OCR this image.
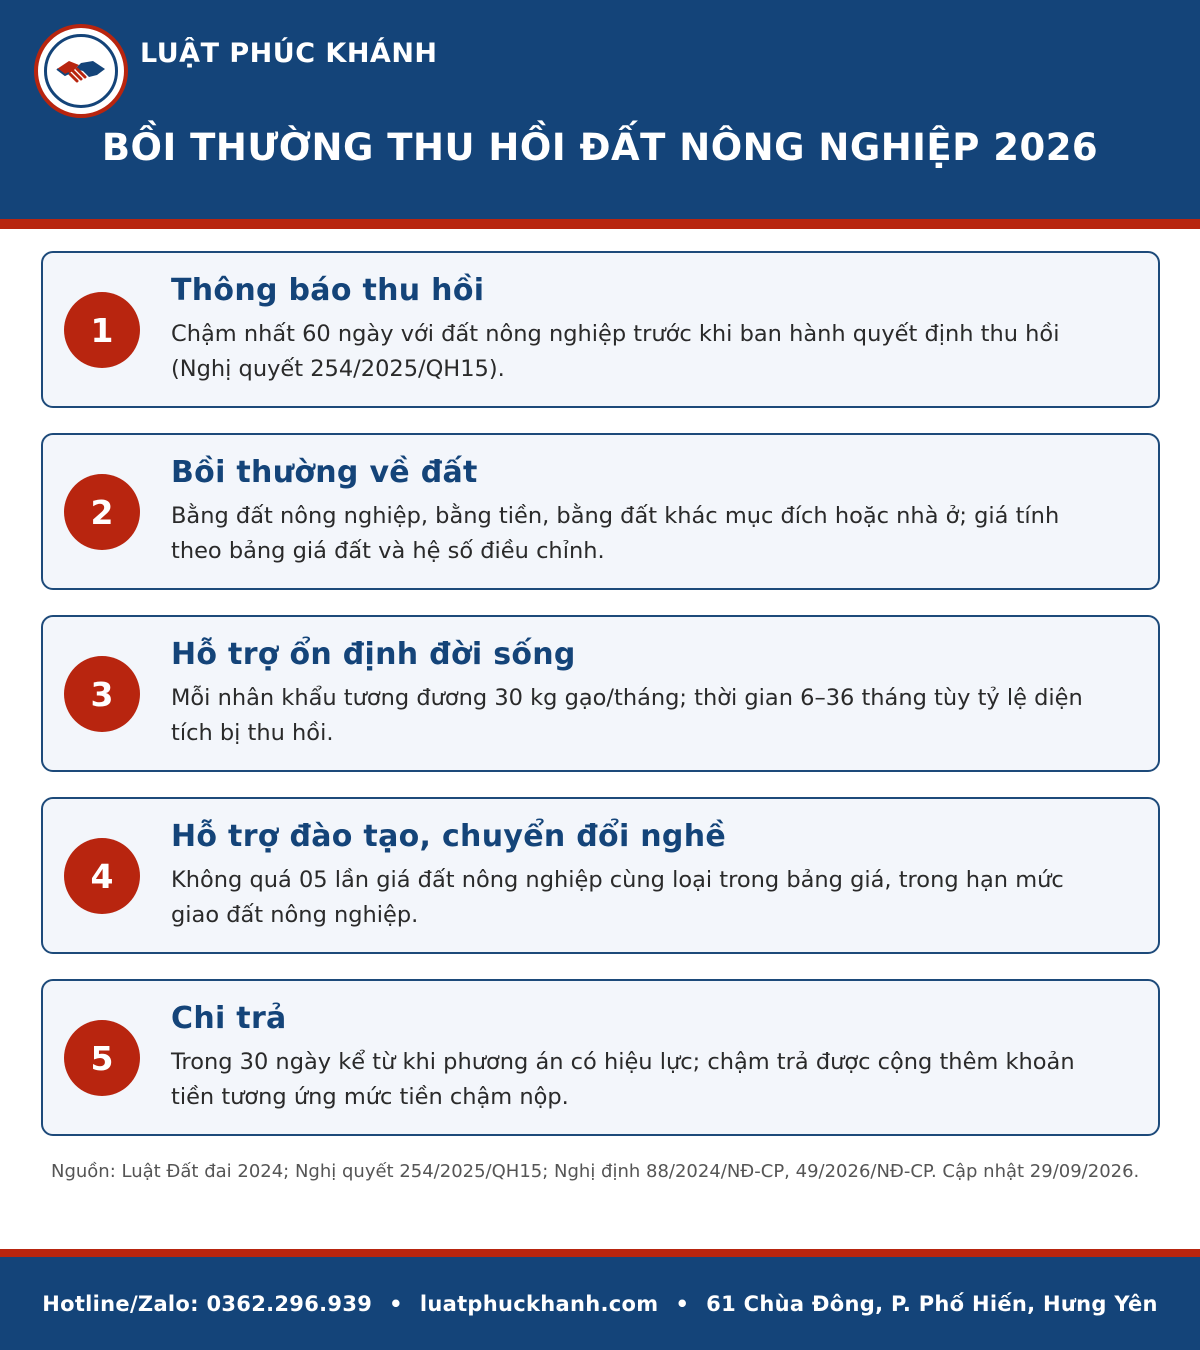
LUẬT PHÚC KHÁNH
BỒI THƯỜNG THU HỒI ĐẤT NÔNG NGHIỆP 2026
1
Thông báo thu hồi
Chậm nhất 60 ngày với đất nông nghiệp trước khi ban hành quyết định thu hồi (Nghị quyết 254/2025/QH15).
2
Bồi thường về đất
Bằng đất nông nghiệp, bằng tiền, bằng đất khác mục đích hoặc nhà ở; giá tính theo bảng giá đất và hệ số điều chỉnh.
3
Hỗ trợ ổn định đời sống
Mỗi nhân khẩu tương đương 30 kg gạo/tháng; thời gian 6–36 tháng tùy tỷ lệ diện tích bị thu hồi.
4
Hỗ trợ đào tạo, chuyển đổi nghề
Không quá 05 lần giá đất nông nghiệp cùng loại trong bảng giá, trong hạn mức giao đất nông nghiệp.
5
Chi trả
Trong 30 ngày kể từ khi phương án có hiệu lực; chậm trả được cộng thêm khoản tiền tương ứng mức tiền chậm nộp.

Nguồn: Luật Đất đai 2024; Nghị quyết 254/2025/QH15; Nghị định 88/2024/NĐ-CP, 49/2026/NĐ-CP. Cập nhật 29/09/2026.

Hotline/Zalo: 0362.296.939 • luatphuckhanh.com • 61 Chùa Đông, P. Phố Hiến, Hưng Yên
